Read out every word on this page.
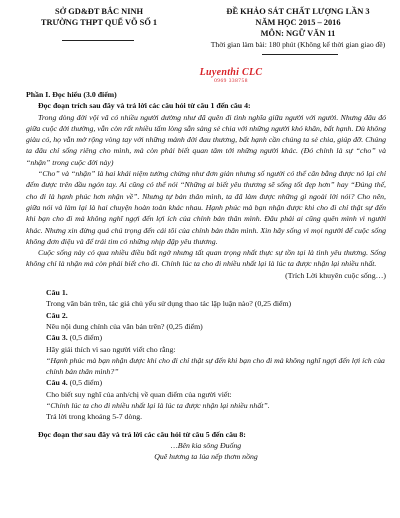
SỞ GD&ĐT BẮC NINH
TRƯỜNG THPT QUẾ VÕ SỐ 1
ĐỀ KHẢO SÁT CHẤT LƯỢNG LẦN 3
NĂM HỌC 2015 – 2016
MÔN: NGỮ VĂN 11
Thời gian làm bài: 180 phút (Không kể thời gian giao đề)
Luyenthi CLC
0969 338758

Phần I. Đọc hiểu (3.0 điểm)

Đọc đoạn trích sau đây và trả lời các câu hỏi từ câu 1 đến câu 4:

Trong dòng đời vội vã có nhiều người dường như đã quên đi tình nghĩa giữa người với người. Nhưng đâu đó giữa cuộc đời thường, vẫn còn rất nhiều tấm lòng sẵn sàng sẻ chia với những người khó khăn, bất hạnh. Dù không giàu có, họ vẫn mở rộng vòng tay với những mảnh đời đau thương, bất hạnh cần chúng ta sẻ chia, giúp đỡ. Chúng ta đâu chỉ sống riêng cho mình, mà còn phải biết quan tâm tới những người khác. (Đó chính là sự “cho” và “nhận” trong cuộc đời này)

“Cho” và “nhận” là hai khái niệm tưởng chừng như đơn giản nhưng số người có thể cân bằng được nó lại chỉ đếm được trên đầu ngón tay. Ai cũng có thể nói “Những ai biết yêu thương sẽ sống tốt đẹp hơn” hay “Đúng thế, cho đi là hạnh phúc hơn nhận về”. Nhưng tự bản thân mình, ta đã làm được những gì ngoài lời nói? Cho nên, giữa nói và làm lại là hai chuyện hoàn toàn khác nhau. Hạnh phúc mà bạn nhận được khi cho đi chỉ thật sự đến khi bạn cho đi mà không nghĩ ngợi đến lợi ích của chính bản thân mình. Đâu phải ai cũng quên mình vì người khác. Nhưng xin đừng quá chú trọng đến cái tôi của chính bản thân mình. Xin hãy sống vì mọi người để cuộc sống không đơn điệu và để trái tim có những nhịp đập yêu thương.

Cuộc sống này có qua nhiều điều bất ngờ nhưng tất quan trọng nhất thực sự tồn tại là tình yêu thương. Sống không chỉ là nhận mà còn phải biết cho đi. Chính lúc ta cho đi nhiều nhất lại là lúc ta được nhận lại nhiều nhất.

(Trích Lời khuyên cuộc sống…)

Câu 1.

Trong văn bản trên, tác giả chủ yếu sử dụng thao tác lập luận nào? (0,25 điểm)

Câu 2.

Nêu nội dung chính của văn bản trên? (0,25 điểm)

Câu 3. (0,5 điểm)

Hãy giải thích vì sao người viết cho rằng:

“Hạnh phúc mà bạn nhận được khi cho đi chỉ thật sự đến khi bạn cho đi mà không nghĩ ngợi đến lợi ích của chính bản thân mình?”

Câu 4. (0,5 điểm)

Cho biết suy nghĩ của anh/chị về quan điểm của người viết:

“Chính lúc ta cho đi nhiều nhất lại là lúc ta được nhận lại nhiều nhất”.

Trả lời trong khoảng 5-7 dòng.

Đọc đoạn thơ sau đây và trả lời các câu hỏi từ câu 5 đến câu 8:

…Bên kia sông Đuống

Quê hương ta lúa nếp thơm nồng
